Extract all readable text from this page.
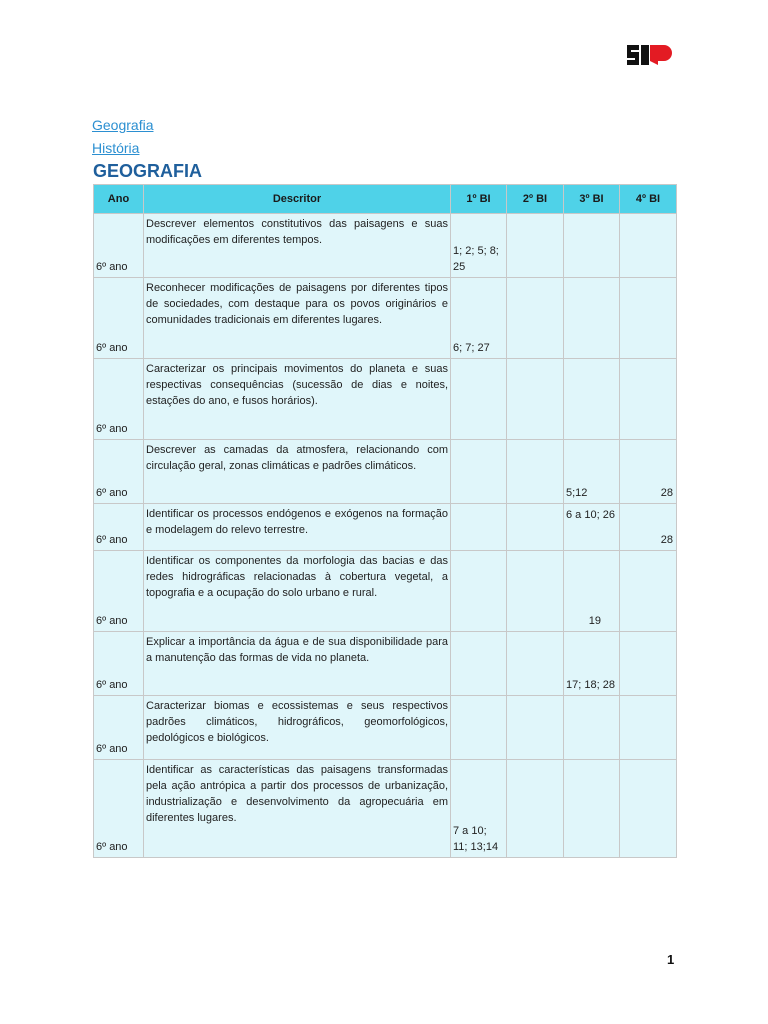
Geografia
História
GEOGRAFIA
Ano	Descritor	1º BI	2º BI	3º BI	4º BI
6º ano	Descrever elementos constitutivos das paisagens e suas modificações em diferentes tempos.	1; 2; 5; 8; 25			
6º ano	Reconhecer modificações de paisagens por diferentes tipos de sociedades, com destaque para os povos originários e comunidades tradicionais em diferentes lugares.	6; 7; 27			
6º ano	Caracterizar os principais movimentos do planeta e suas respectivas consequências (sucessão de dias e noites, estações do ano, e fusos horários).				
6º ano	Descrever as camadas da atmosfera, relacionando com circulação geral, zonas climáticas e padrões climáticos.			5;12	28
6º ano	Identificar os processos endógenos e exógenos na formação e modelagem do relevo terrestre.			6 a 10; 26	28
6º ano	Identificar os componentes da morfologia das bacias e das redes hidrográficas relacionadas à cobertura vegetal, a topografia e a ocupação do solo urbano e rural.			19	
6º ano	Explicar a importância da água e de sua disponibilidade para a manutenção das formas de vida no planeta.			17; 18; 28	
6º ano	Caracterizar biomas e ecossistemas e seus respectivos padrões climáticos, hidrográficos, geomorfológicos, pedológicos e biológicos.				
6º ano	Identificar as características das paisagens transformadas pela ação antrópica a partir dos processos de urbanização, industrialização e desenvolvimento da agropecuária em diferentes lugares.	7 a 10; 11; 13;14			
1
